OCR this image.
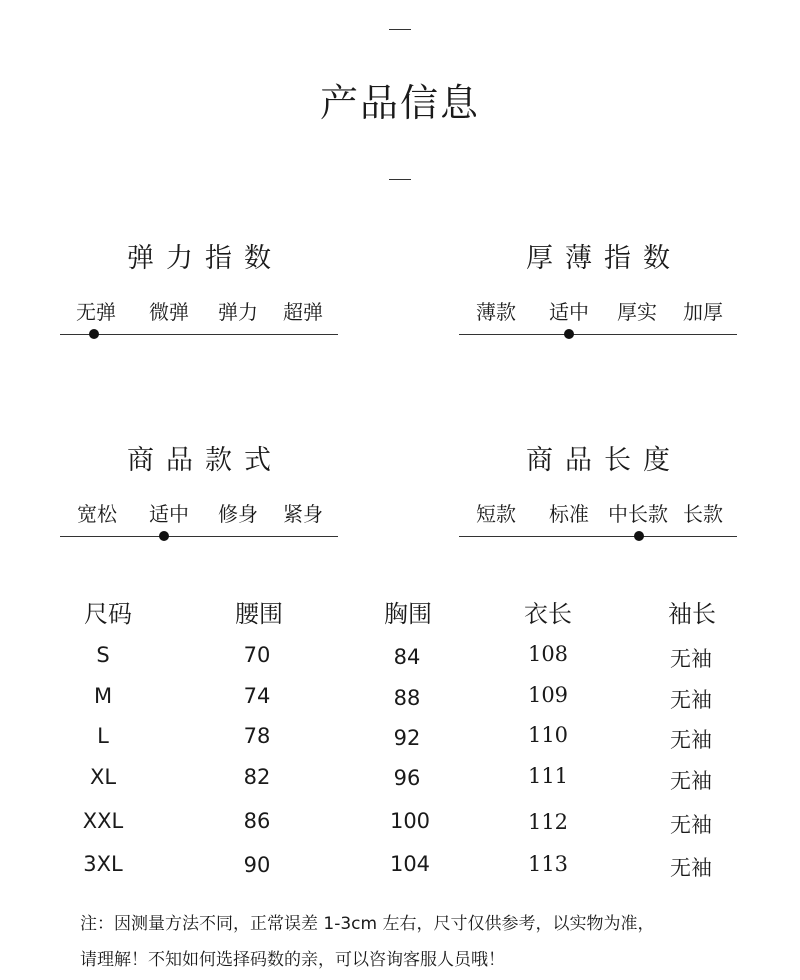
产品信息
弹力指数
无弹 微弹 弹力 超弹
厚薄指数
薄款 适中 厚实 加厚
商品款式
宽松 适中 修身 紧身
商品长度
短款 标准 中长款 长款
尺码	腰围	胸围	衣长	袖长
S	70	84	108	无袖
M	74	88	109	无袖
L	78	92	110	无袖
XL	82	96	111	无袖
XXL	86	100	112	无袖
3XL	90	104	113	无袖
注：因测量方法不同，正常误差 1-3cm 左右，尺寸仅供参考，以实物为准，
请理解！不知如何选择码数的亲，可以咨询客服人员哦！
